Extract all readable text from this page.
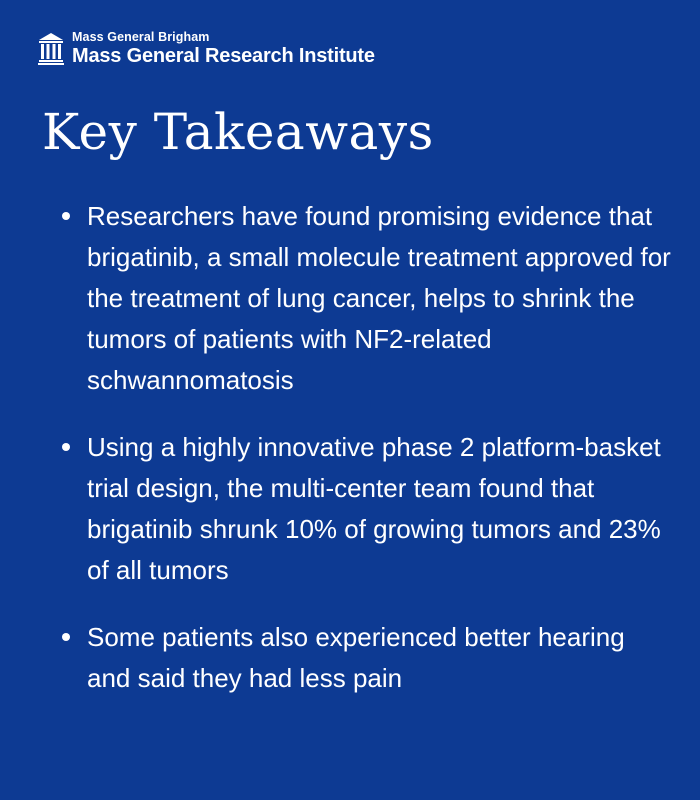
Mass General Brigham
Mass General Research Institute
Key Takeaways
Researchers have found promising evidence that brigatinib, a small molecule treatment approved for the treatment of lung cancer, helps to shrink the tumors of patients with NF2-related schwannomatosis
Using a highly innovative phase 2 platform-basket trial design, the multi-center team found that brigatinib shrunk 10% of growing tumors and 23% of all tumors
Some patients also experienced better hearing and said they had less pain
